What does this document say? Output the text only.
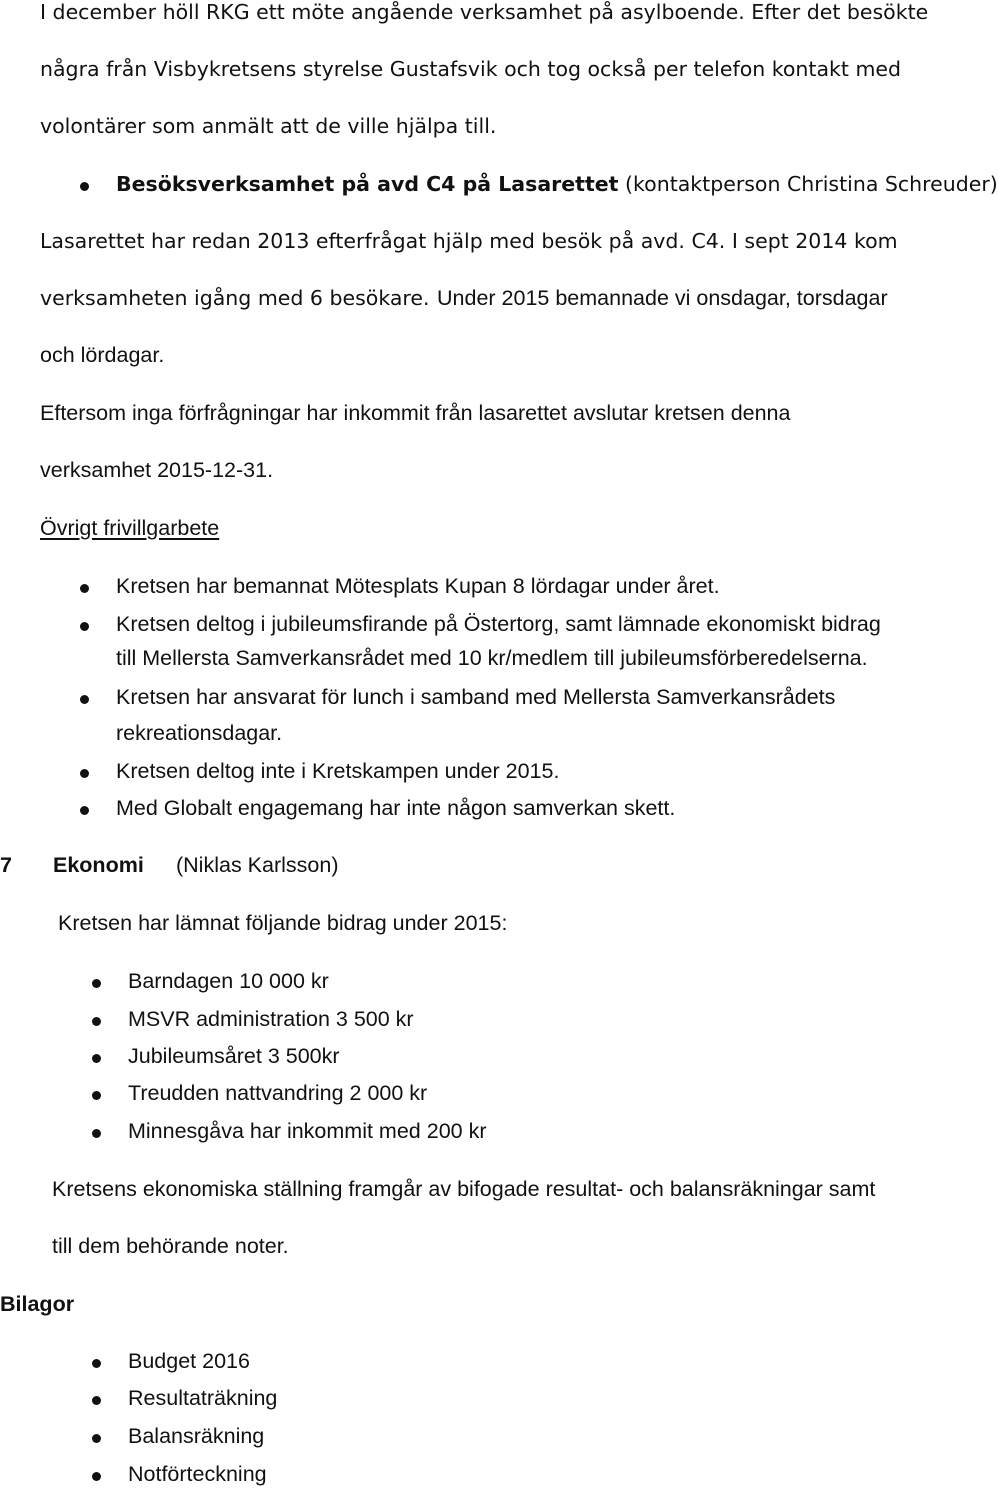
I december höll RKG ett möte angående verksamhet på asylboende. Efter det besökte
några från Visbykretsens styrelse Gustafsvik och tog också per telefon kontakt med
volontärer som anmält att de ville hjälpa till.
Besöksverksamhet på avd C4 på Lasarettet (kontaktperson Christina Schreuder)
Lasarettet har redan 2013 efterfrågat hjälp med besök på avd. C4. I sept 2014 kom
verksamheten igång med 6 besökare. Under 2015 bemannade vi onsdagar, torsdagar
och lördagar.
Eftersom inga förfrågningar har inkommit från lasarettet avslutar kretsen denna
verksamhet 2015-12-31.
Övrigt frivillgarbete
Kretsen har bemannat Mötesplats Kupan 8 lördagar under året.
Kretsen deltog i jubileumsfirande på Östertorg, samt lämnade ekonomiskt bidrag
till Mellersta Samverkansrådet med 10 kr/medlem till jubileumsförberedelserna.
Kretsen har ansvarat för lunch i samband med Mellersta Samverkansrådets
rekreationsdagar.
Kretsen deltog inte i Kretskampen under 2015.
Med Globalt engagemang har inte någon samverkan skett.
7 Ekonomi (Niklas Karlsson)
Kretsen har lämnat följande bidrag under 2015:
Barndagen 10 000 kr
MSVR administration 3 500 kr
Jubileumsåret 3 500kr
Treudden nattvandring 2 000 kr
Minnesgåva har inkommit med 200 kr
Kretsens ekonomiska ställning framgår av bifogade resultat- och balansräkningar samt
till dem behörande noter.
Bilagor
Budget 2016
Resultaträkning
Balansräkning
Notförteckning
